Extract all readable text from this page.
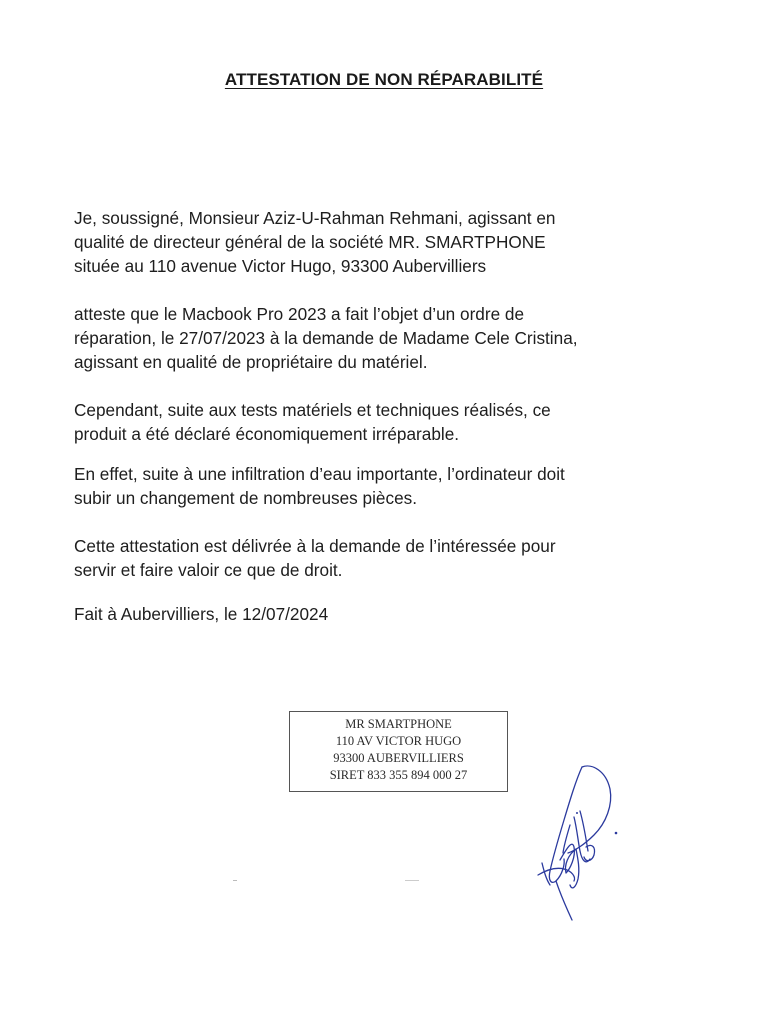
ATTESTATION DE NON RÉPARABILITÉ
Je, soussigné, Monsieur Aziz-U-Rahman Rehmani, agissant en
qualité de directeur général de la société MR. SMARTPHONE
située au 110 avenue Victor Hugo, 93300 Aubervilliers
atteste que le Macbook Pro 2023 a fait l’objet d’un ordre de
réparation, le 27/07/2023 à la demande de Madame Cele Cristina,
agissant en qualité de propriétaire du matériel.
Cependant, suite aux tests matériels et techniques réalisés, ce
produit a été déclaré économiquement irréparable.
En effet, suite à une infiltration d’eau importante, l’ordinateur doit
subir un changement de nombreuses pièces.
Cette attestation est délivrée à la demande de l’intéressée pour
servir et faire valoir ce que de droit.
Fait à Aubervilliers, le 12/07/2024
MR SMARTPHONE
110 AV VICTOR HUGO
93300 AUBERVILLIERS
SIRET 833 355 894 000 27
